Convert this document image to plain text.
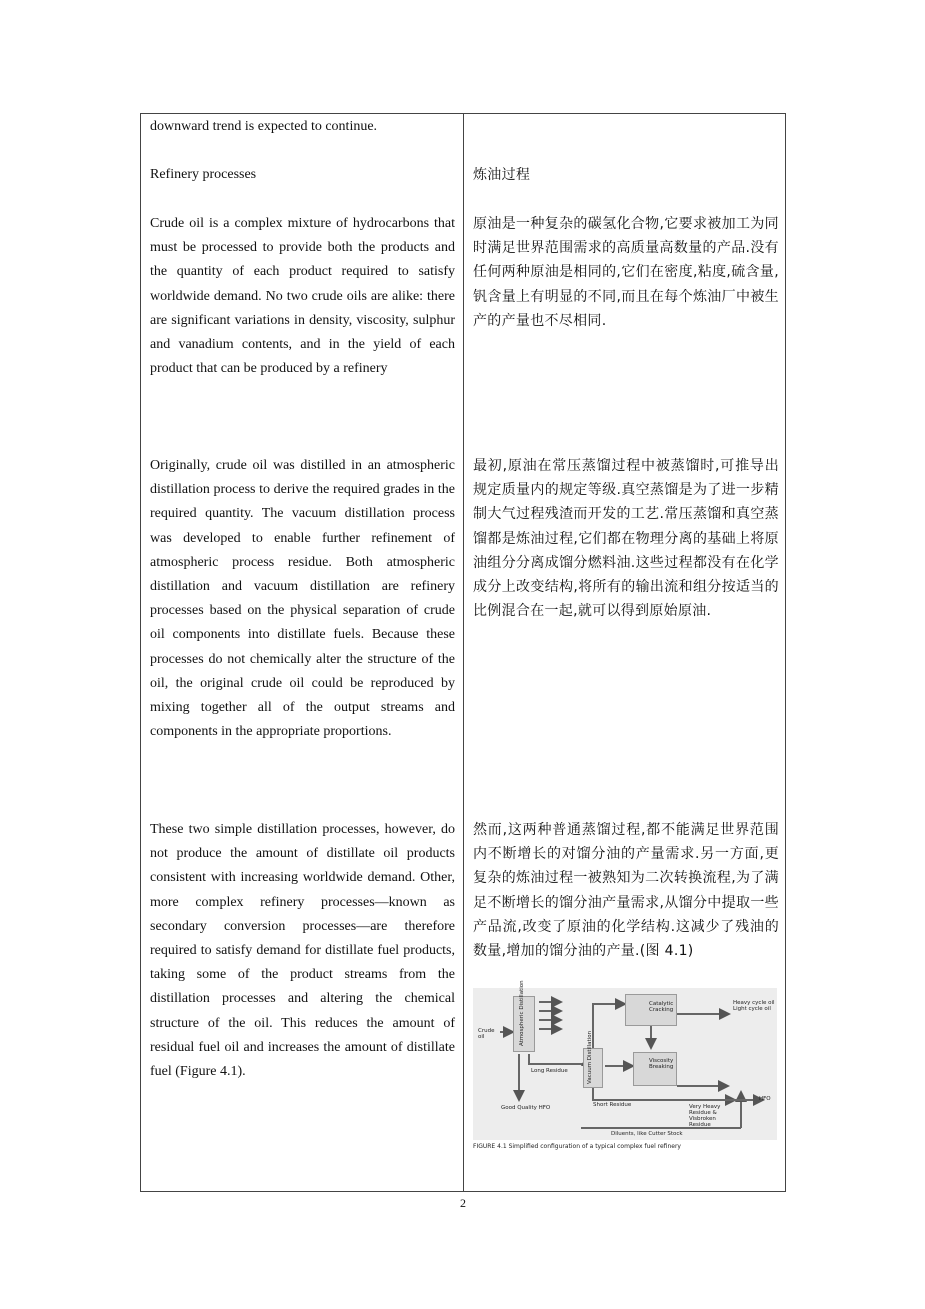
downward trend is expected to continue.

Refinery processes

Crude oil is a complex mixture of hydrocarbons that must be processed to provide both the products and the quantity of each product required to satisfy worldwide demand. No two crude oils are alike: there are significant variations in density, viscosity, sulphur and vanadium contents, and in the yield of each product that can be produced by a refinery

Originally, crude oil was distilled in an atmospheric distillation process to derive the required grades in the required quantity. The vacuum distillation process was developed to enable further refinement of atmospheric process residue. Both atmospheric distillation and vacuum distillation are refinery processes based on the physical separation of crude oil components into distillate fuels. Because these processes do not chemically alter the structure of the oil, the original crude oil could be reproduced by mixing together all of the output streams and components in the appropriate proportions.

These two simple distillation processes, however, do not produce the amount of distillate oil products consistent with increasing worldwide demand. Other, more complex refinery processes—known as secondary conversion processes—are therefore required to satisfy demand for distillate fuel products, taking some of the product streams from the distillation processes and altering the chemical structure of the oil. This reduces the amount of residual fuel oil and increases the amount of distillate fuel (Figure 4.1).

炼油过程

原油是一种复杂的碳氢化合物,它要求被加工为同时满足世界范围需求的高质量高数量的产品.没有任何两种原油是相同的,它们在密度,粘度,硫含量,钒含量上有明显的不同,而且在每个炼油厂中被生产的产量也不尽相同.

最初,原油在常压蒸馏过程中被蒸馏时,可推导出规定质量内的规定等级.真空蒸馏是为了进一步精制大气过程残渣而开发的工艺.常压蒸馏和真空蒸馏都是炼油过程,它们都在物理分离的基础上将原油组分分离成馏分燃料油.这些过程都没有在化学成分上改变结构,将所有的输出流和组分按适当的比例混合在一起,就可以得到原始原油.

然而,这两种普通蒸馏过程,都不能满足世界范围内不断增长的对馏分油的产量需求.另一方面,更复杂的炼油过程一被熟知为二次转换流程,为了满足不断增长的馏分油产量需求,从馏分中提取一些产品流,改变了原油的化学结构.这减少了残油的数量,增加的馏分油的产量.(图 4.1)

Atmospheric Distillation
Vacuum Distillation
Catalytic Cracking
Viscosity Breaking
Crude oil
Heavy cycle oil Light cycle oil
Long Residue
Short Residue
Good Quality HFO	Very Heavy Residue & Visbroken Residue
HFO
Diluents, like Cutter Stock
FIGURE 4.1 Simplified configuration of a typical complex fuel refinery
2
